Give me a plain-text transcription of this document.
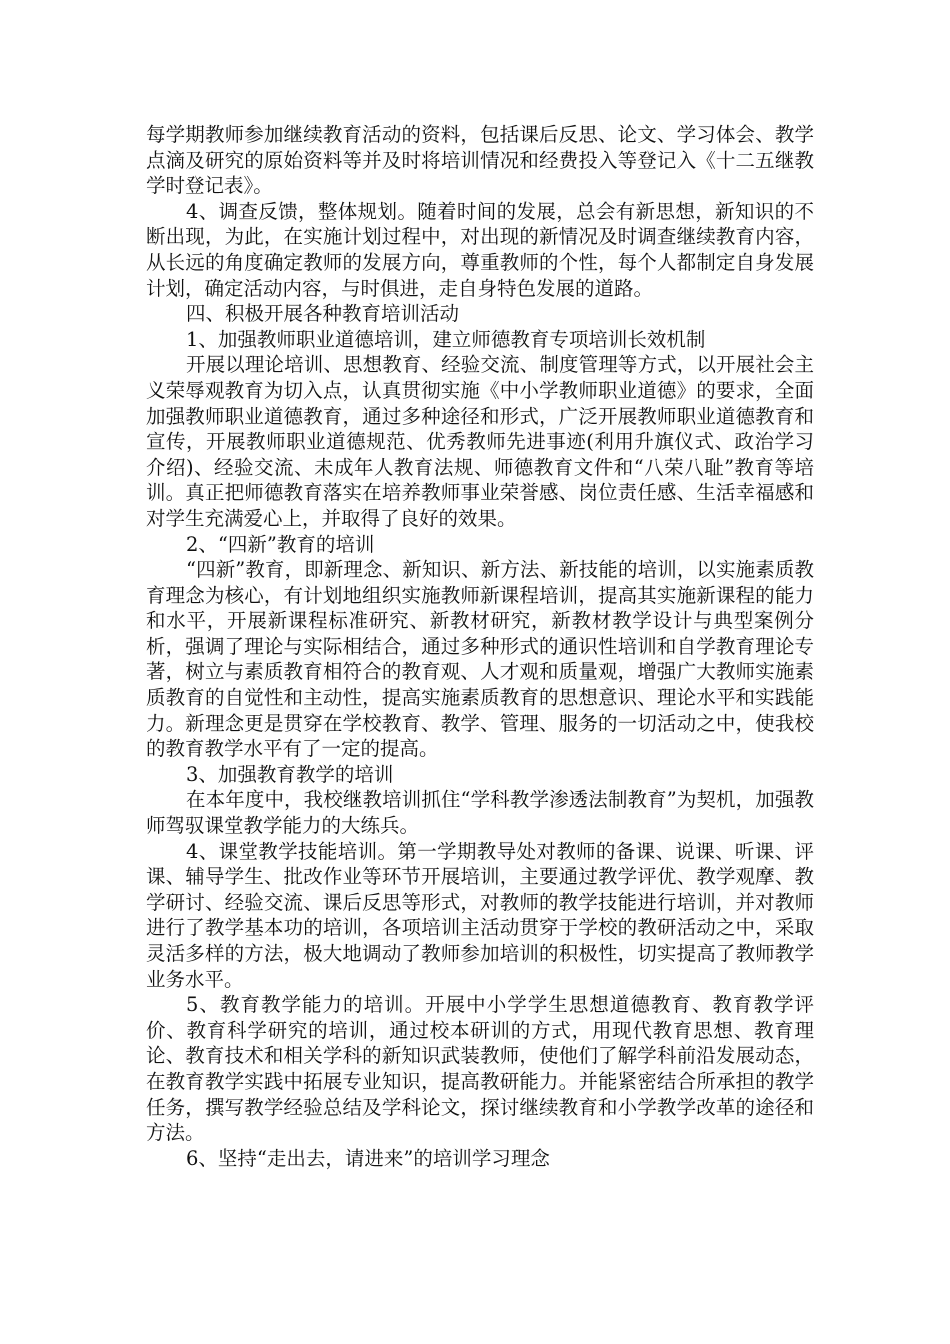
每学期教师参加继续教育活动的资料，包括课后反思、论文、学习体会、教学点滴及研究的原始资料等并及时将培训情况和经费投入等登记入《十二五继教学时登记表》。

4、调查反馈，整体规划。随着时间的发展，总会有新思想，新知识的不断出现，为此，在实施计划过程中，对出现的新情况及时调查继续教育内容，从长远的角度确定教师的发展方向，尊重教师的个性，每个人都制定自身发展计划，确定活动内容，与时俱进，走自身特色发展的道路。

四、积极开展各种教育培训活动

1、加强教师职业道德培训，建立师德教育专项培训长效机制

开展以理论培训、思想教育、经验交流、制度管理等方式，以开展社会主义荣辱观教育为切入点，认真贯彻实施《中小学教师职业道德》的要求，全面加强教师职业道德教育，通过多种途径和形式，广泛开展教师职业道德教育和宣传，开展教师职业道德规范、优秀教师先进事迹(利用升旗仪式、政治学习介绍)、经验交流、未成年人教育法规、师德教育文件和“八荣八耻”教育等培训。真正把师德教育落实在培养教师事业荣誉感、岗位责任感、生活幸福感和对学生充满爱心上，并取得了良好的效果。

2、“四新”教育的培训

“四新”教育，即新理念、新知识、新方法、新技能的培训，以实施素质教育理念为核心，有计划地组织实施教师新课程培训，提高其实施新课程的能力和水平，开展新课程标准研究、新教材研究，新教材教学设计与典型案例分析，强调了理论与实际相结合，通过多种形式的通识性培训和自学教育理论专著，树立与素质教育相符合的教育观、人才观和质量观，增强广大教师实施素质教育的自觉性和主动性，提高实施素质教育的思想意识、理论水平和实践能力。新理念更是贯穿在学校教育、教学、管理、服务的一切活动之中，使我校的教育教学水平有了一定的提高。

3、加强教育教学的培训

在本年度中，我校继教培训抓住“学科教学渗透法制教育”为契机，加强教师驾驭课堂教学能力的大练兵。

4、课堂教学技能培训。第一学期教导处对教师的备课、说课、听课、评课、辅导学生、批改作业等环节开展培训，主要通过教学评优、教学观摩、教学研讨、经验交流、课后反思等形式，对教师的教学技能进行培训，并对教师进行了教学基本功的培训，各项培训主活动贯穿于学校的教研活动之中，采取灵活多样的方法，极大地调动了教师参加培训的积极性，切实提高了教师教学业务水平。

5、教育教学能力的培训。开展中小学学生思想道德教育、教育教学评价、教育科学研究的培训，通过校本研训的方式，用现代教育思想、教育理论、教育技术和相关学科的新知识武装教师，使他们了解学科前沿发展动态，在教育教学实践中拓展专业知识，提高教研能力。并能紧密结合所承担的教学任务，撰写教学经验总结及学科论文，探讨继续教育和小学教学改革的途径和方法。

6、坚持“走出去，请进来”的培训学习理念
